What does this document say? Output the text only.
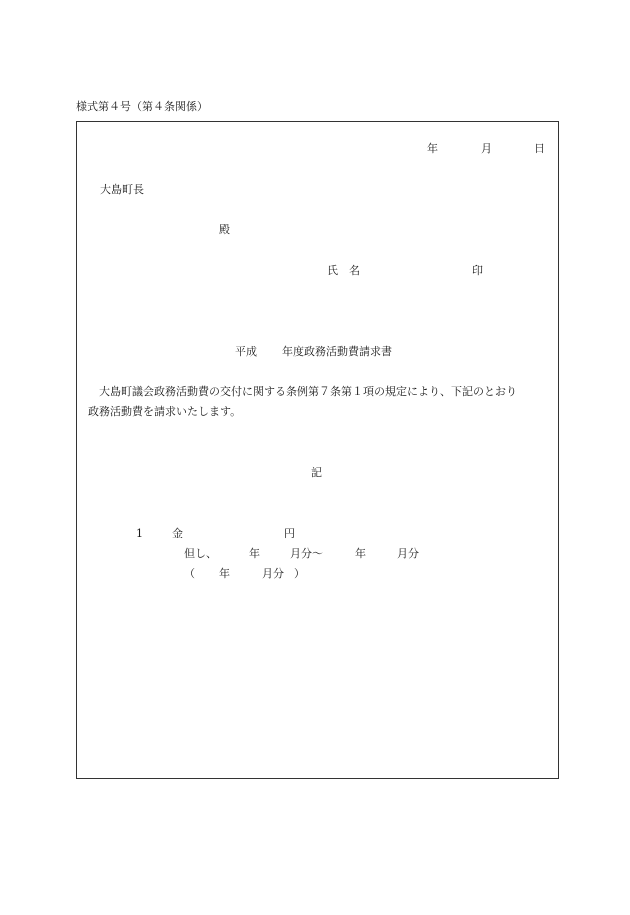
様式第４号（第４条関係）
年	月	日
大島町長
殿
氏　名	印
平成 年度政務活動費請求書
大島町議会政務活動費の交付に関する条例第７条第１項の規定により、下記のとおり
政務活動費を請求いたします。
記
1	金	円
但し、	年	月分～	年	月分
（ 年	月分 ）
